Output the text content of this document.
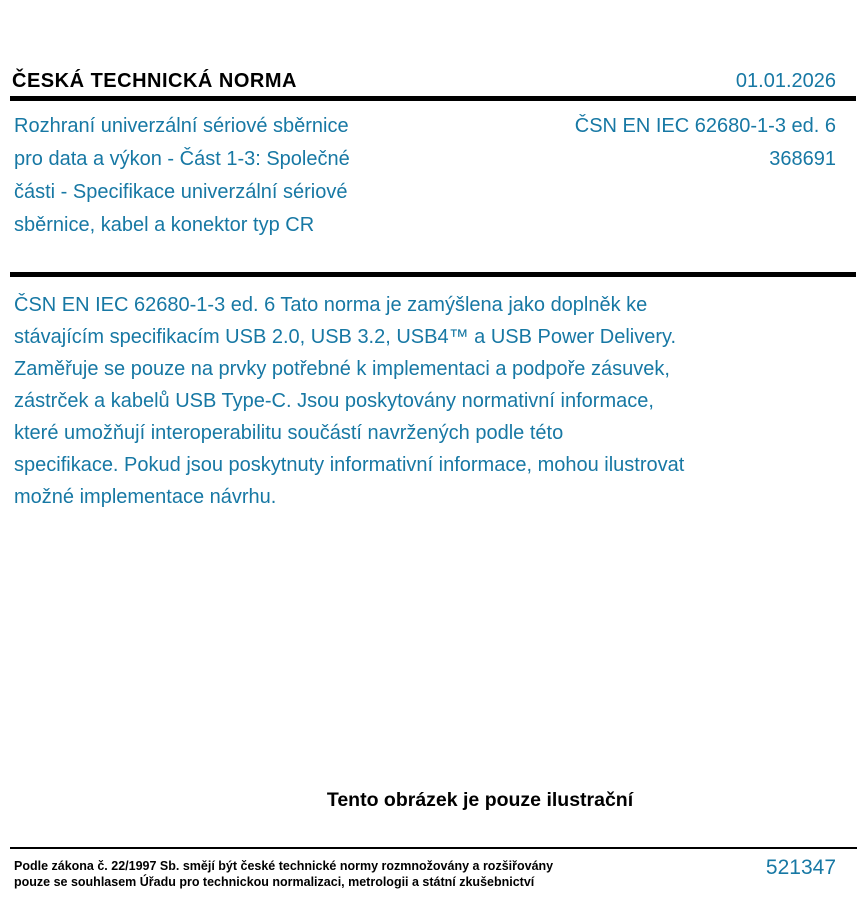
ČESKÁ TECHNICKÁ NORMA	01.01.2026
Rozhraní univerzální sériové sběrnice
pro data a výkon - Část 1-3: Společné
části - Specifikace univerzální sériové
sběrnice, kabel a konektor typ CR
ČSN EN IEC 62680-1-3 ed. 6
368691
ČSN EN IEC 62680-1-3 ed. 6 Tato norma je zamýšlena jako doplněk ke
stávajícím specifikacím USB 2.0, USB 3.2, USB4™ a USB Power Delivery.
Zaměřuje se pouze na prvky potřebné k implementaci a podpoře zásuvek,
zástrček a kabelů USB Type-C. Jsou poskytovány normativní informace,
které umožňují interoperabilitu součástí navržených podle této
specifikace. Pokud jsou poskytnuty informativní informace, mohou ilustrovat
možné implementace návrhu.
Tento obrázek je pouze ilustrační
Podle zákona č. 22/1997 Sb. smějí být české technické normy rozmnožovány a rozšiřovány
pouze se souhlasem Úřadu pro technickou normalizaci, metrologii a státní zkušebnictví
521347
